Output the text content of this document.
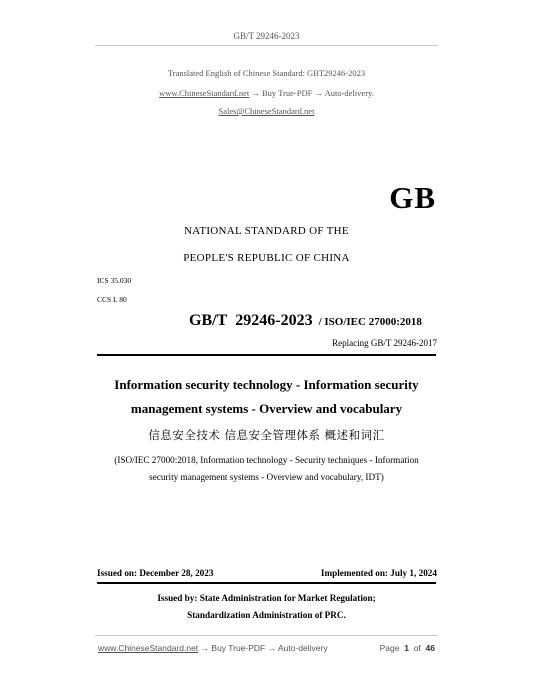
GB/T 29246-2023
Translated English of Chinese Standard: GBT29246-2023
www.ChineseStandard.net → Buy True-PDF → Auto-delivery.
Sales@ChineseStandard.net
GB
NATIONAL STANDARD OF THE
PEOPLE'S REPUBLIC OF CHINA
ICS 35.030
CCS L 80
GB/T 29246-2023 / ISO/IEC 27000:2018
Replacing GB/T 29246-2017
Information security technology - Information security
management systems - Overview and vocabulary
信息安全技术 信息安全管理体系 概述和词汇
(ISO/IEC 27000:2018, Information technology - Security techniques - Information
security management systems - Overview and vocabulary, IDT)
Issued on: December 28, 2023	Implemented on: July 1, 2024
Issued by: State Administration for Market Regulation;
Standardization Administration of PRC.
www.ChineseStandard.net → Buy True-PDF → Auto-delivery	Page 1 of 46
